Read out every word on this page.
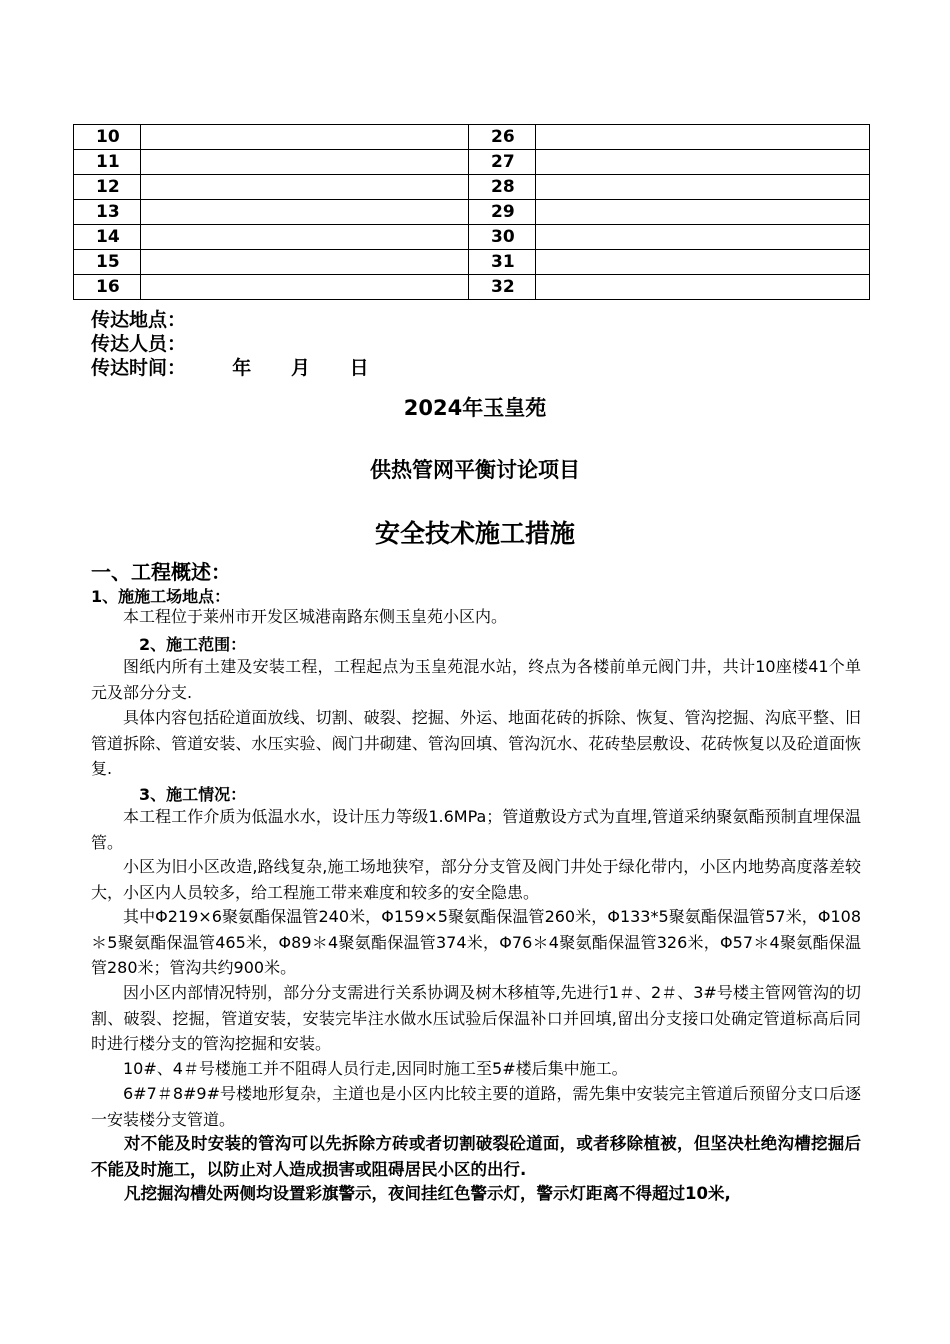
10		26	
11		27	
12		28	
13		29	
14		30	
15		31	
16		32	
传达地点：
传达人员：
传达时间：       年      月      日
2024年玉皇苑
供热管网平衡讨论项目
安全技术施工措施
一、工程概述：
1、施施工场地点：

本工程位于莱州市开发区城港南路东侧玉皇苑小区内。

2、施工范围：

图纸内所有土建及安装工程，工程起点为玉皇苑混水站，终点为各楼前单元阀门井，共计10座楼41个单元及部分分支.

具体内容包括砼道面放线、切割、破裂、挖掘、外运、地面花砖的拆除、恢复、管沟挖掘、沟底平整、旧管道拆除、管道安装、水压实验、阀门井砌建、管沟回填、管沟沉水、花砖垫层敷设、花砖恢复以及砼道面恢复.

3、施工情况：

本工程工作介质为低温水水，设计压力等级1.6MPa；管道敷设方式为直埋,管道采纳聚氨酯预制直埋保温管。

小区为旧小区改造,路线复杂,施工场地狭窄，部分分支管及阀门井处于绿化带内，小区内地势高度落差较大，小区内人员较多，给工程施工带来难度和较多的安全隐患。

其中Φ219×6聚氨酯保温管240米，Φ159×5聚氨酯保温管260米，Φ133*5聚氨酯保温管57米，Φ108＊5聚氨酯保温管465米，Φ89＊4聚氨酯保温管374米，Φ76＊4聚氨酯保温管326米，Φ57＊4聚氨酯保温管280米；管沟共约900米。

因小区内部情况特别，部分分支需进行关系协调及树木移植等,先进行1＃、2＃、3#号楼主管网管沟的切割、破裂、挖掘，管道安装，安装完毕注水做水压试验后保温补口并回填,留出分支接口处确定管道标高后同时进行楼分支的管沟挖掘和安装。

10#、4＃号楼施工并不阻碍人员行走,因同时施工至5#楼后集中施工。

6#7＃8#9#号楼地形复杂，主道也是小区内比较主要的道路，需先集中安装完主管道后预留分支口后逐一安装楼分支管道。

对不能及时安装的管沟可以先拆除方砖或者切割破裂砼道面，或者移除植被，但坚决杜绝沟槽挖掘后不能及时施工，以防止对人造成损害或阻碍居民小区的出行.

凡挖掘沟槽处两侧均设置彩旗警示，夜间挂红色警示灯，警示灯距离不得超过10米,
